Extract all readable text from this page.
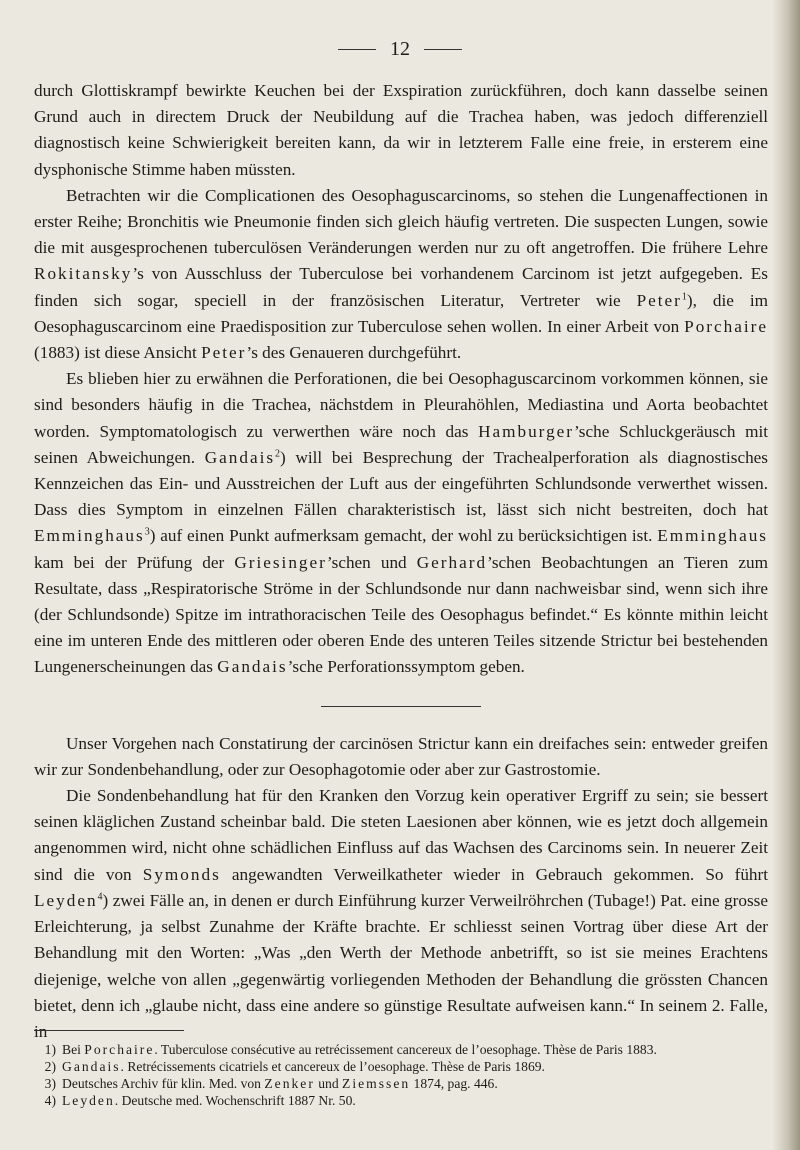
12

durch Glottiskrampf bewirkte Keuchen bei der Exspiration zurückführen, doch kann dasselbe seinen Grund auch in directem Druck der Neubildung auf die Trachea haben, was jedoch differenziell diagnostisch keine Schwierigkeit bereiten kann, da wir in letzterem Falle eine freie, in ersterem eine dysphonische Stimme haben müssten.

Betrachten wir die Complicationen des Oesophaguscarcinoms, so stehen die Lungenaffectionen in erster Reihe; Bronchitis wie Pneumonie finden sich gleich häufig vertreten. Die suspecten Lungen, sowie die mit ausgesprochenen tuberculösen Veränderungen werden nur zu oft angetroffen. Die frühere Lehre Rokitansky’s von Ausschluss der Tuberculose bei vorhandenem Carcinom ist jetzt aufgegeben. Es finden sich sogar, speciell in der französischen Literatur, Vertreter wie Peter$^1$), die im Oesophaguscarcinom eine Praedisposition zur Tuberculose sehen wollen. In einer Arbeit von Porchaire (1883) ist diese Ansicht Peter’s des Genaueren durchgeführt.

Es blieben hier zu erwähnen die Perforationen, die bei Oesophaguscarcinom vorkommen können, sie sind besonders häufig in die Trachea, nächstdem in Pleurahöhlen, Mediastina und Aorta beobachtet worden. Symptomatologisch zu verwerthen wäre noch das Hamburger’sche Schluckgeräusch mit seinen Abweichungen. Gandais$^2$) will bei Besprechung der Trachealperforation als diagnostisches Kennzeichen das Ein- und Ausstreichen der Luft aus der eingeführten Schlundsonde verwerthet wissen. Dass dies Symptom in einzelnen Fällen charakteristisch ist, lässt sich nicht bestreiten, doch hat Emminghaus$^3$) auf einen Punkt aufmerksam gemacht, der wohl zu berücksichtigen ist. Emminghaus kam bei der Prüfung der Griesinger’schen und Gerhard’schen Beobachtungen an Tieren zum Resultate, dass „Respiratorische Ströme in der Schlundsonde nur dann nachweisbar sind, wenn sich ihre (der Schlundsonde) Spitze im intrathoracischen Teile des Oesophagus befindet.“ Es könnte mithin leicht eine im unteren Ende des mittleren oder oberen Ende des unteren Teiles sitzende Strictur bei bestehenden Lungenerscheinungen das Gandais’sche Perforationssymptom geben.

Unser Vorgehen nach Constatirung der carcinösen Strictur kann ein dreifaches sein: entweder greifen wir zur Sondenbehandlung, oder zur Oesophagotomie oder aber zur Gastrostomie.

Die Sondenbehandlung hat für den Kranken den Vorzug kein operativer Ergriff zu sein; sie bessert seinen kläglichen Zustand scheinbar bald. Die steten Laesionen aber können, wie es jetzt doch allgemein angenommen wird, nicht ohne schädlichen Einfluss auf das Wachsen des Carcinoms sein. In neuerer Zeit sind die von Symonds angewandten Verweilkatheter wieder in Gebrauch gekommen. So führt Leyden$^4$) zwei Fälle an, in denen er durch Einführung kurzer Verweilröhrchen (Tubage!) Pat. eine grosse Erleichterung, ja selbst Zunahme der Kräfte brachte. Er schliesst seinen Vortrag über diese Art der Behandlung mit den Worten: „Was „den Werth der Methode anbetrifft, so ist sie meines Erachtens diejenige, welche von allen „gegenwärtig vorliegenden Methoden der Behandlung die grössten Chancen bietet, denn ich „glaube nicht, dass eine andere so günstige Resultate aufweisen kann.“ In seinem 2. Falle, in

1) Bei Porchaire. Tuberculose consécutive au retrécissement cancereux de l’oesophage. Thèse de Paris 1883.
2) Gandais. Retrécissements cicatriels et cancereux de l’oesophage. Thèse de Paris 1869.
3) Deutsches Archiv für klin. Med. von Zenker und Ziemssen 1874, pag. 446.
4) Leyden. Deutsche med. Wochenschrift 1887 Nr. 50.
